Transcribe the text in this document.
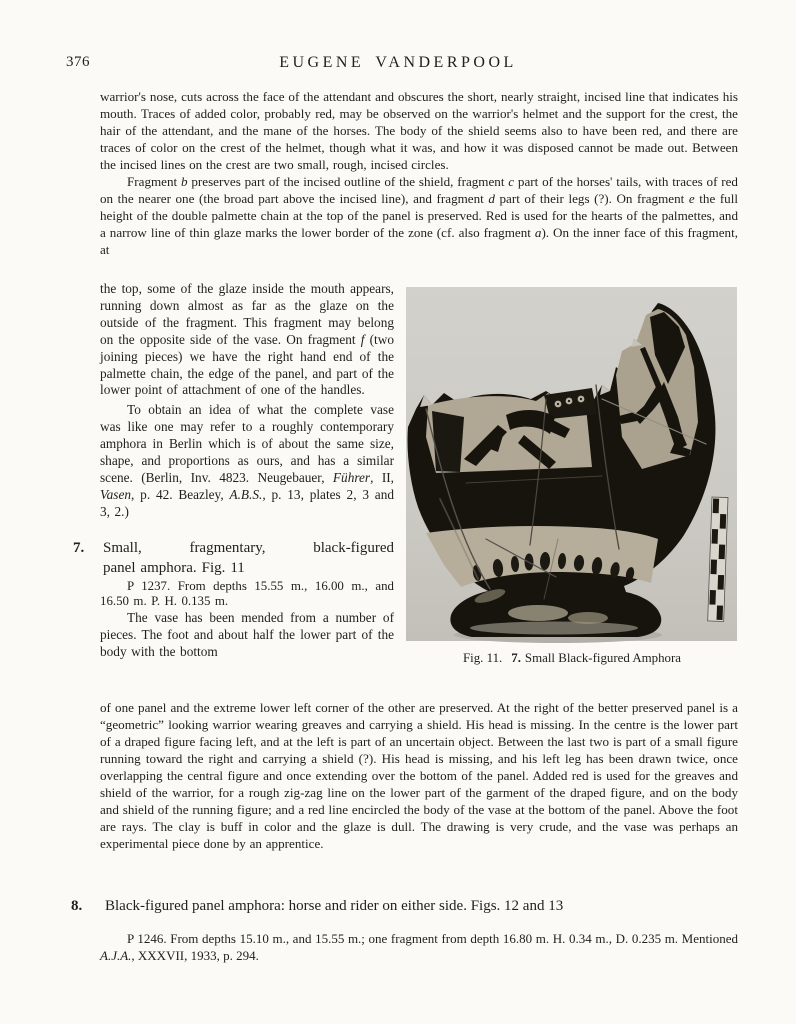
376	EUGENE VANDERPOOL

warrior's nose, cuts across the face of the attendant and obscures the short, nearly straight, incised line that indicates his mouth. Traces of added color, probably red, may be observed on the warrior's helmet and the support for the crest, the hair of the attendant, and the mane of the horses. The body of the shield seems also to have been red, and there are traces of color on the crest of the helmet, though what it was, and how it was disposed cannot be made out. Between the incised lines on the crest are two small, rough, incised circles.

Fragment b preserves part of the incised outline of the shield, fragment c part of the horses' tails, with traces of red on the nearer one (the broad part above the incised line), and fragment d part of their legs (?). On fragment e the full height of the double palmette chain at the top of the panel is preserved. Red is used for the hearts of the palmettes, and a narrow line of thin glaze marks the lower border of the zone (cf. also fragment a). On the inner face of this fragment, at

the top, some of the glaze inside the mouth appears, running down almost as far as the glaze on the outside of the fragment. This fragment may belong on the opposite side of the vase. On fragment f (two joining pieces) we have the right hand end of the palmette chain, the edge of the panel, and part of the lower point of attachment of one of the handles.

To obtain an idea of what the complete vase was like one may refer to a roughly contemporary amphora in Berlin which is of about the same size, shape, and proportions as ours, and has a similar scene. (Berlin, Inv. 4823. Neugebauer, Führer, II, Vasen, p. 42. Beazley, A.B.S., p. 13, plates 2, 3 and 3, 2.)

7. Small, fragmentary, black-figured
panel amphora. Fig. 11

P 1237. From depths 15.55 m., 16.00 m., and 16.50 m. P. H. 0.135 m.

The vase has been mended from a number of pieces. The foot and about half the lower part of the body with the bottom	Fig. 11. 7. Small Black-figured Amphora

of one panel and the extreme lower left corner of the other are preserved. At the right of the better preserved panel is a “geometric” looking warrior wearing greaves and carrying a shield. His head is missing. In the centre is the lower part of a draped figure facing left, and at the left is part of an uncertain object. Between the last two is part of a small figure running toward the right and carrying a shield (?). His head is missing, and his left leg has been drawn twice, once overlapping the central figure and once extending over the bottom of the panel. Added red is used for the greaves and shield of the warrior, for a rough zig-zag line on the lower part of the garment of the draped figure, and on the body and shield of the running figure; and a red line encircled the body of the vase at the bottom of the panel. Above the foot are rays. The clay is buff in color and the glaze is dull. The drawing is very crude, and the vase was perhaps an experimental piece done by an apprentice.

8. Black-figured panel amphora: horse and rider on either side. Figs. 12 and 13

P 1246. From depths 15.10 m., and 15.55 m.; one fragment from depth 16.80 m. H. 0.34 m., D. 0.235 m. Mentioned A.J.A., XXXVII, 1933, p. 294.
